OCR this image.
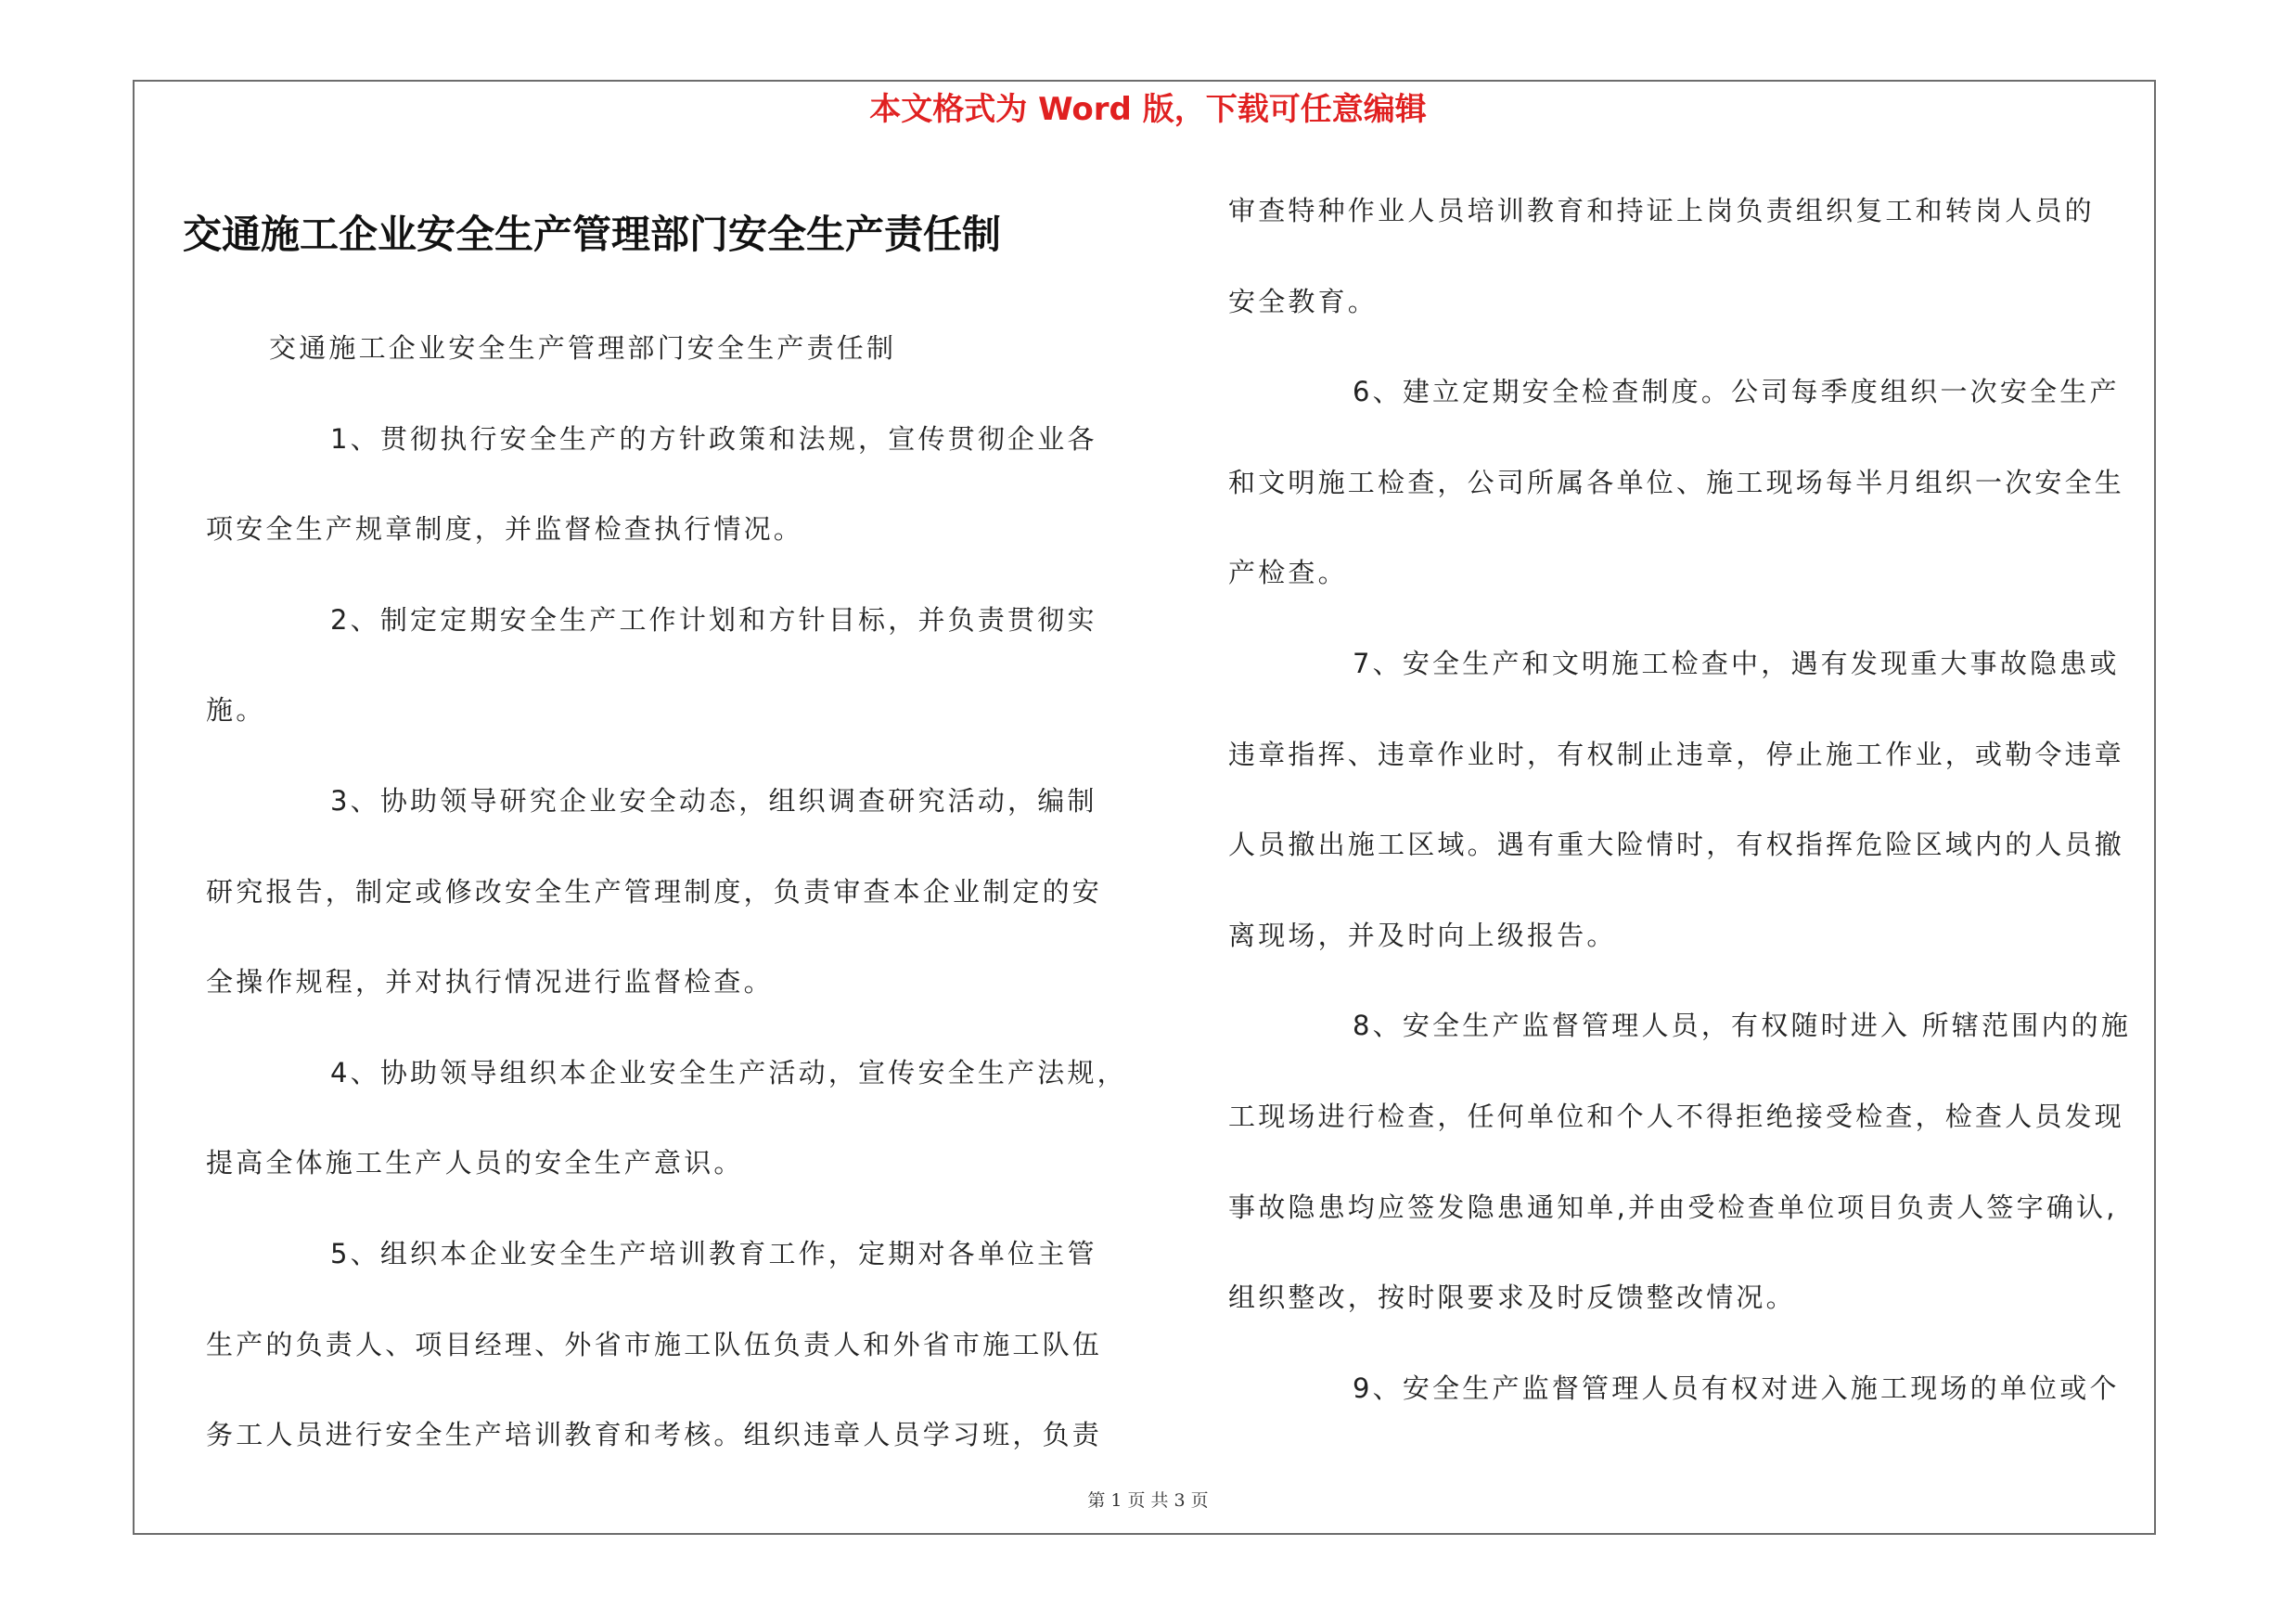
本文格式为 Word 版，下载可任意编辑
交通施工企业安全生产管理部门安全生产责任制
交通施工企业安全生产管理部门安全生产责任制
1、贯彻执行安全生产的方针政策和法规，宣传贯彻企业各
项安全生产规章制度，并监督检查执行情况。
2、制定定期安全生产工作计划和方针目标，并负责贯彻实
施。
3、协助领导研究企业安全动态，组织调查研究活动，编制
研究报告，制定或修改安全生产管理制度，负责审查本企业制定的安
全操作规程，并对执行情况进行监督检查。
4、协助领导组织本企业安全生产活动，宣传安全生产法规，
提高全体施工生产人员的安全生产意识。
5、组织本企业安全生产培训教育工作，定期对各单位主管
生产的负责人、项目经理、外省市施工队伍负责人和外省市施工队伍
务工人员进行安全生产培训教育和考核。组织违章人员学习班，负责
审查特种作业人员培训教育和持证上岗负责组织复工和转岗人员的
安全教育。
6、建立定期安全检查制度。公司每季度组织一次安全生产
和文明施工检查，公司所属各单位、施工现场每半月组织一次安全生
产检查。
7、安全生产和文明施工检查中，遇有发现重大事故隐患或
违章指挥、违章作业时，有权制止违章，停止施工作业，或勒令违章
人员撤出施工区域。遇有重大险情时，有权指挥危险区域内的人员撤
离现场，并及时向上级报告。
8、安全生产监督管理人员，有权随时进入 所辖范围内的施
工现场进行检查，任何单位和个人不得拒绝接受检查，检查人员发现
事故隐患均应签发隐患通知单,并由受检查单位项目负责人签字确认,
组织整改，按时限要求及时反馈整改情况。
9、安全生产监督管理人员有权对进入施工现场的单位或个
第 1 页 共 3 页
